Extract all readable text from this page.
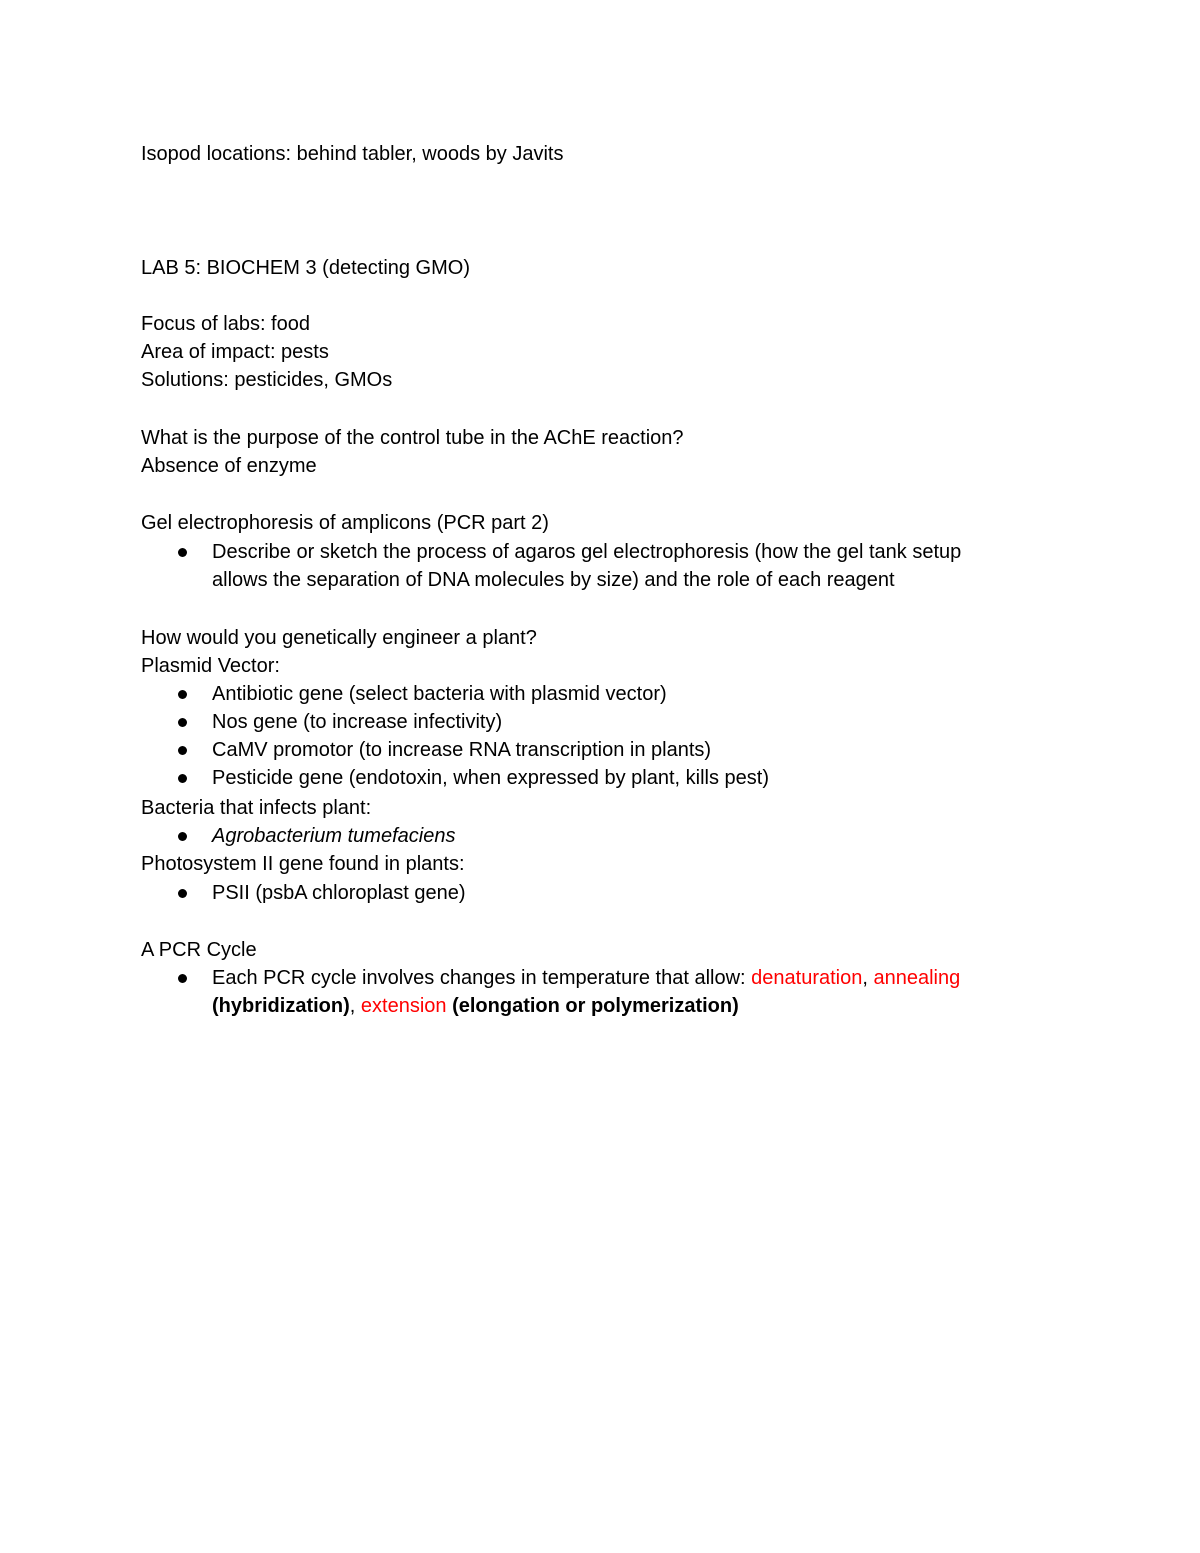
Isopod locations: behind tabler, woods by Javits
LAB 5: BIOCHEM 3 (detecting GMO)
Focus of labs: food
Area of impact: pests
Solutions: pesticides, GMOs
What is the purpose of the control tube in the AChE reaction?
Absence of enzyme
Gel electrophoresis of amplicons (PCR part 2)
Describe or sketch the process of agaros gel electrophoresis (how the gel tank setup
allows the separation of DNA molecules by size) and the role of each reagent
How would you genetically engineer a plant?
Plasmid Vector:
Antibiotic gene (select bacteria with plasmid vector)
Nos gene (to increase infectivity)
CaMV promotor (to increase RNA transcription in plants)
Pesticide gene (endotoxin, when expressed by plant, kills pest)
Bacteria that infects plant:
Agrobacterium tumefaciens
Photosystem II gene found in plants:
PSII (psbA chloroplast gene)
A PCR Cycle
Each PCR cycle involves changes in temperature that allow: denaturation, annealing
(hybridization), extension (elongation or polymerization)
